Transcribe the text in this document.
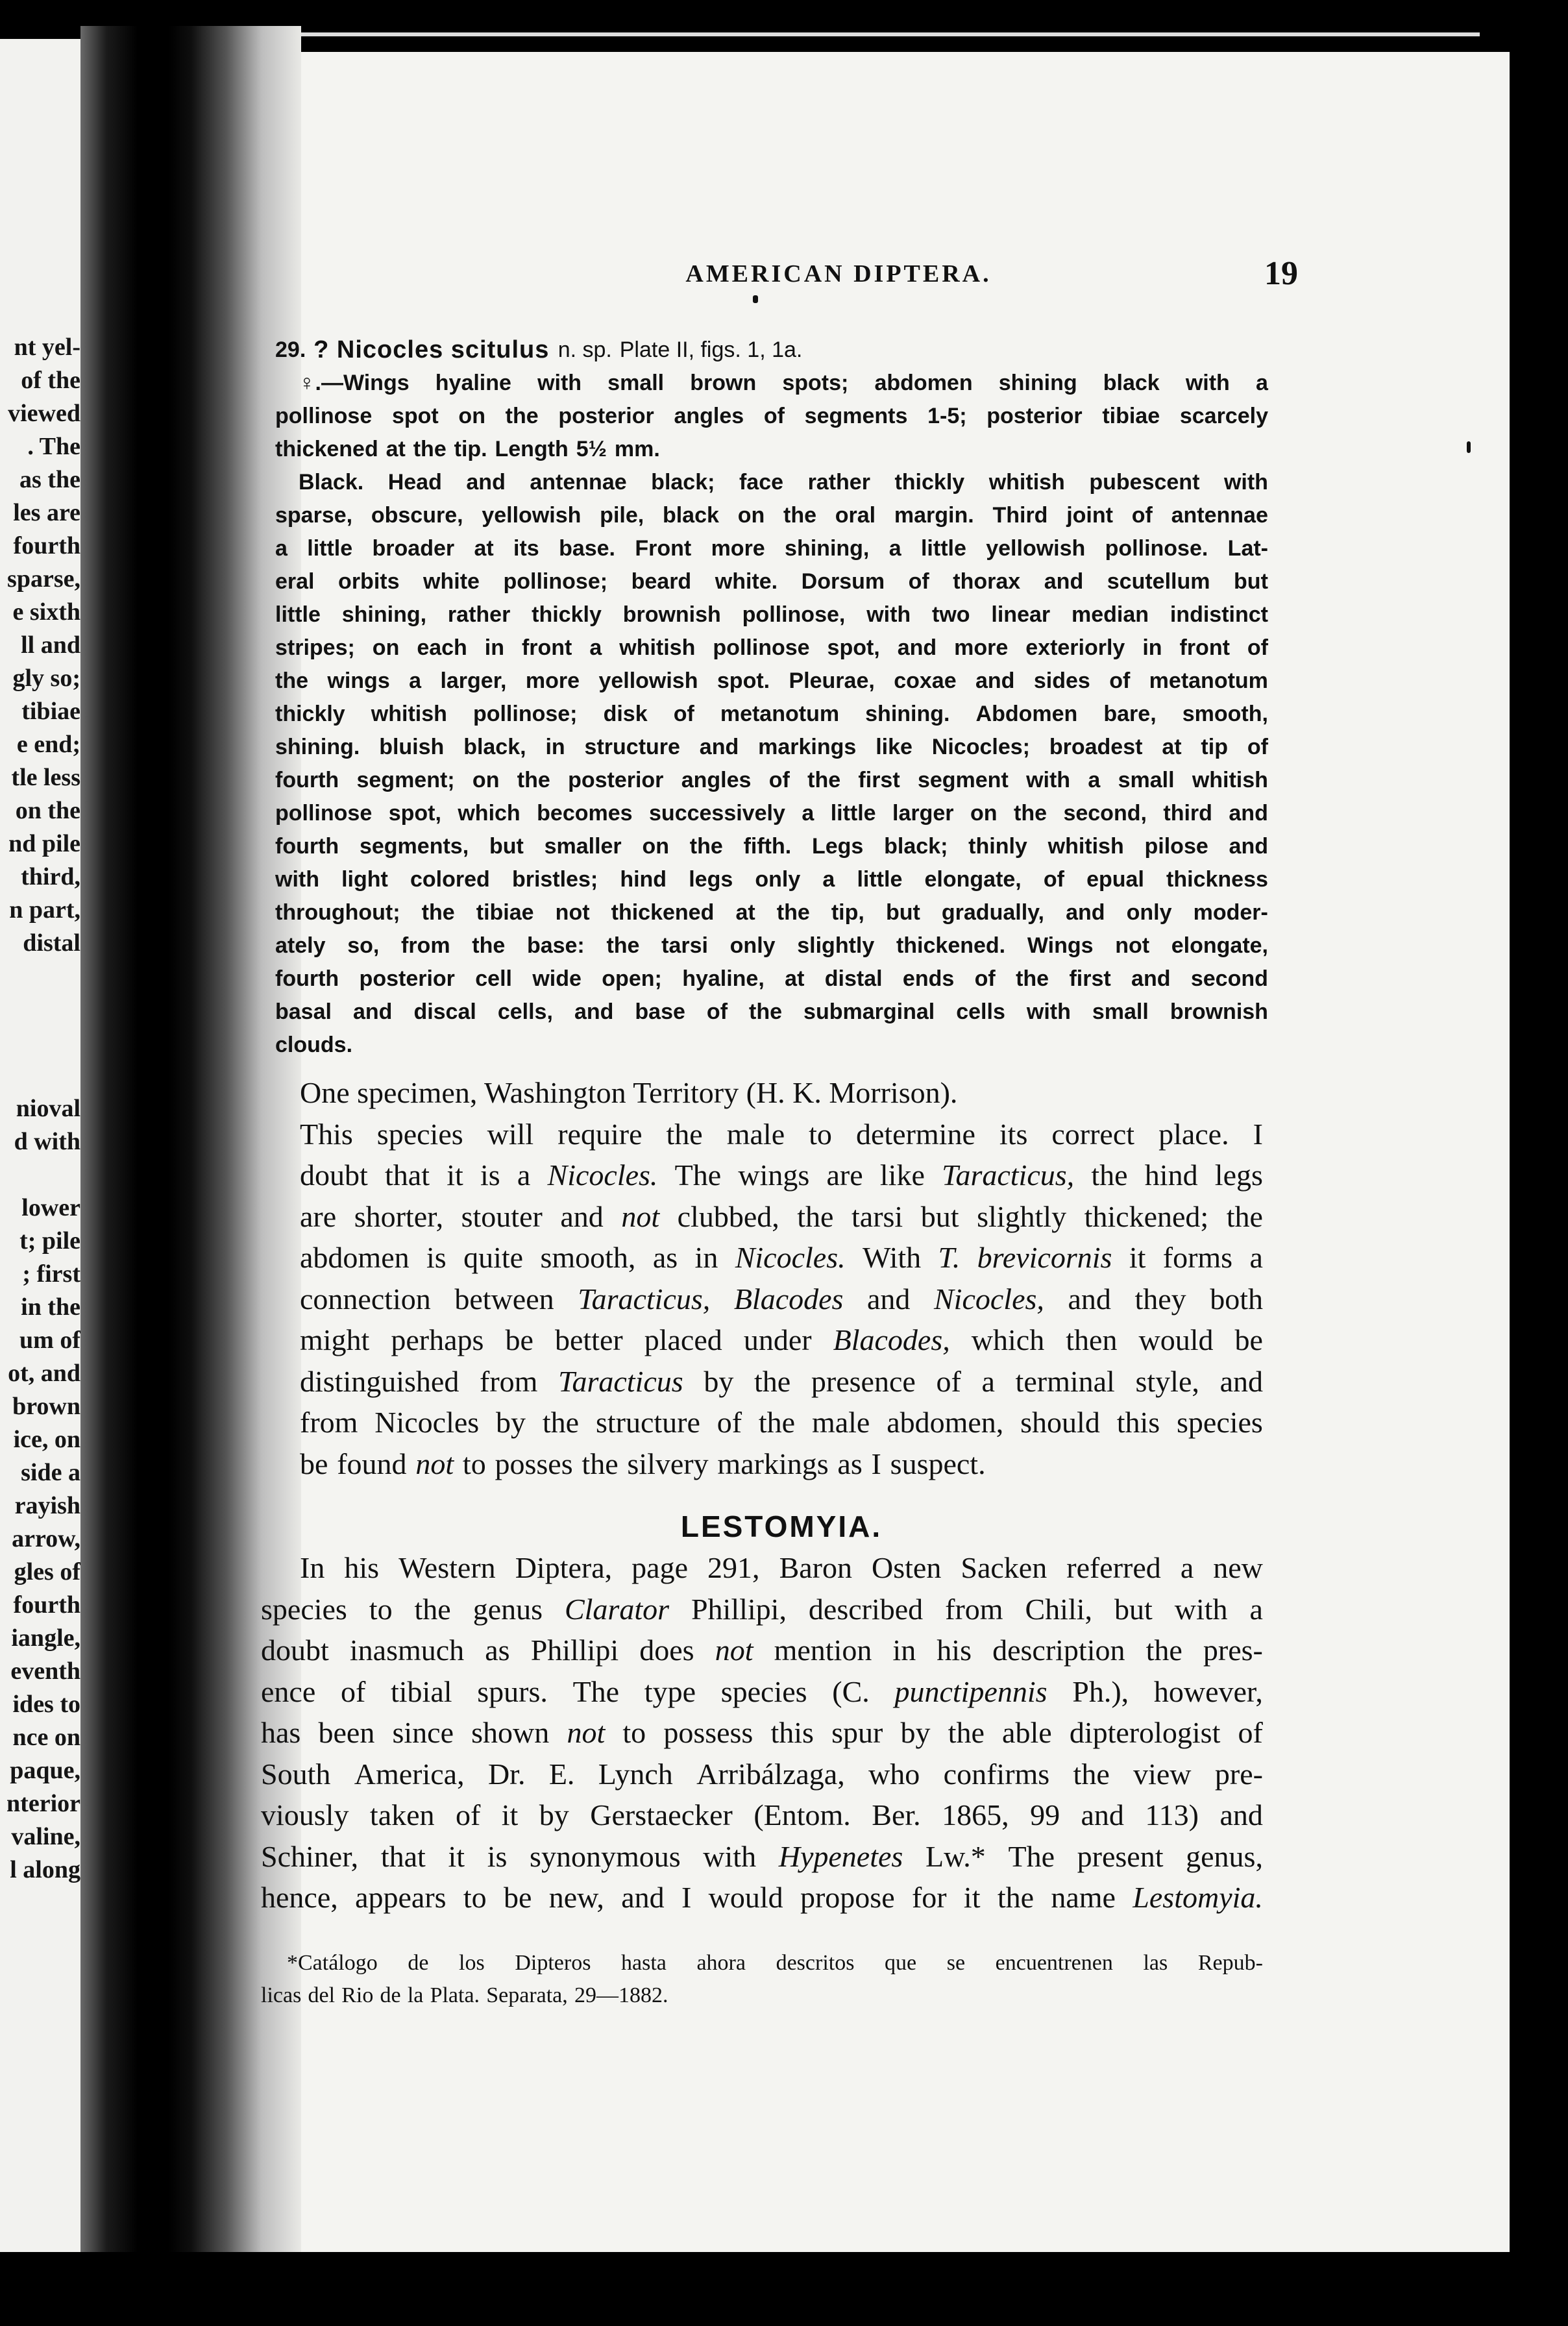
nt yel-
of the
viewed
. The
as the
les are
fourth
sparse,
e sixth
ll and
gly so;
tibiae
e end;
tle less
on the
nd pile
third,
n part,
distal

nioval
d with

lower
t; pile
; first
in the
um of
ot, and
brown
ice, on
side a
rayish
arrow,
gles of
fourth
iangle,
eventh
ides to
nce on
paque,
nterior
valine,
l along
AMERICAN DIPTERA.	19
29. ? Nicocles scitulus n. sp. Plate II, figs. 1, 1a.
♀.—Wings hyaline with small brown spots; abdomen shining black with a
pollinose spot on the posterior angles of segments 1-5; posterior tibiae scarcely
thickened at the tip. Length 5½ mm.
Black. Head and antennae black; face rather thickly whitish pubescent with
sparse, obscure, yellowish pile, black on the oral margin. Third joint of antennae
a little broader at its base. Front more shining, a little yellowish pollinose. Lat-
eral orbits white pollinose; beard white. Dorsum of thorax and scutellum but
little shining, rather thickly brownish pollinose, with two linear median indistinct
stripes; on each in front a whitish pollinose spot, and more exteriorly in front of
the wings a larger, more yellowish spot. Pleurae, coxae and sides of metanotum
thickly whitish pollinose; disk of metanotum shining. Abdomen bare, smooth,
shining. bluish black, in structure and markings like Nicocles; broadest at tip of
fourth segment; on the posterior angles of the first segment with a small whitish
pollinose spot, which becomes successively a little larger on the second, third and
fourth segments, but smaller on the fifth. Legs black; thinly whitish pilose and
with light colored bristles; hind legs only a little elongate, of epual thickness
throughout; the tibiae not thickened at the tip, but gradually, and only moder-
ately so, from the base: the tarsi only slightly thickened. Wings not elongate,
fourth posterior cell wide open; hyaline, at distal ends of the first and second
basal and discal cells, and base of the submarginal cells with small brownish
clouds.
One specimen, Washington Territory (H. K. Morrison).
This species will require the male to determine its correct place. I
doubt that it is a Nicocles. The wings are like Taracticus, the hind legs
are shorter, stouter and not clubbed, the tarsi but slightly thickened; the
abdomen is quite smooth, as in Nicocles. With T. brevicornis it forms a
connection between Taracticus, Blacodes and Nicocles, and they both
might perhaps be better placed under Blacodes, which then would be
distinguished from Taracticus by the presence of a terminal style, and
from Nicocles by the structure of the male abdomen, should this species
be found not to posses the silvery markings as I suspect.
LESTOMYIA.
In his Western Diptera, page 291, Baron Osten Sacken referred a new
species to the genus Clarator Phillipi, described from Chili, but with a
doubt inasmuch as Phillipi does not mention in his description the pres-
ence of tibial spurs. The type species (C. punctipennis Ph.), however,
has been since shown not to possess this spur by the able dipterologist of
South America, Dr. E. Lynch Arribálzaga, who confirms the view pre-
viously taken of it by Gerstaecker (Entom. Ber. 1865, 99 and 113) and
Schiner, that it is synonymous with Hypenetes Lw.* The present genus,
hence, appears to be new, and I would propose for it the name Lestomyia.
*Catálogo de los Dipteros hasta ahora descritos que se encuentrenen las Repub-
licas del Rio de la Plata. Separata, 29—1882.
